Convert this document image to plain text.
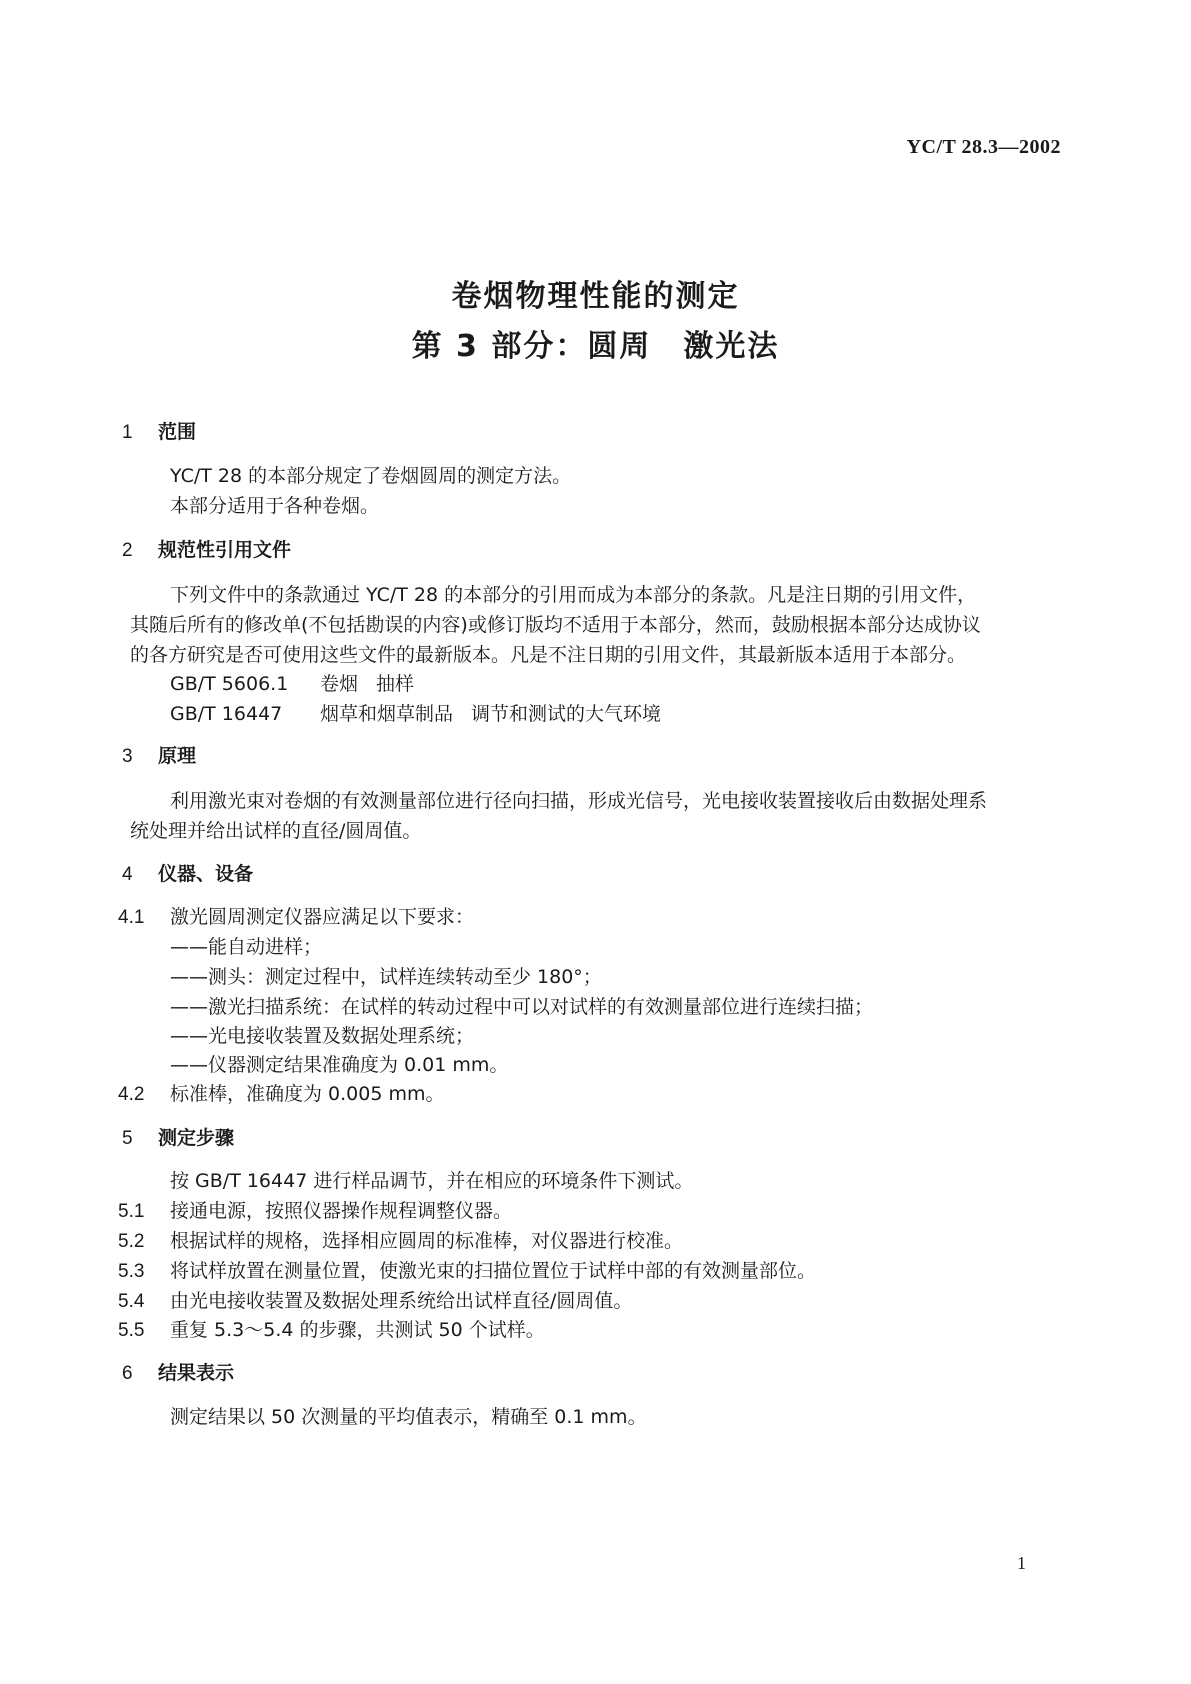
YC/T 28.3—2002
卷烟物理性能的测定
第 3 部分：圆周　激光法
1 范围
YC/T 28 的本部分规定了卷烟圆周的测定方法。
本部分适用于各种卷烟。
2 规范性引用文件
下列文件中的条款通过 YC/T 28 的本部分的引用而成为本部分的条款。凡是注日期的引用文件，
其随后所有的修改单(不包括勘误的内容)或修订版均不适用于本部分，然而，鼓励根据本部分达成协议
的各方研究是否可使用这些文件的最新版本。凡是不注日期的引用文件，其最新版本适用于本部分。
GB/T 5606.1 卷烟 抽样
GB/T 16447 烟草和烟草制品 调节和测试的大气环境
3 原理
利用激光束对卷烟的有效测量部位进行径向扫描，形成光信号，光电接收装置接收后由数据处理系
统处理并给出试样的直径/圆周值。
4 仪器、设备
4.1 激光圆周测定仪器应满足以下要求：
——能自动进样；
——测头：测定过程中，试样连续转动至少 180°；
——激光扫描系统：在试样的转动过程中可以对试样的有效测量部位进行连续扫描；
——光电接收装置及数据处理系统；
——仪器测定结果准确度为 0.01 mm。
4.2 标准棒，准确度为 0.005 mm。
5 测定步骤
按 GB/T 16447 进行样品调节，并在相应的环境条件下测试。
5.1 接通电源，按照仪器操作规程调整仪器。
5.2 根据试样的规格，选择相应圆周的标准棒，对仪器进行校准。
5.3 将试样放置在测量位置，使激光束的扫描位置位于试样中部的有效测量部位。
5.4 由光电接收装置及数据处理系统给出试样直径/圆周值。
5.5 重复 5.3～5.4 的步骤，共测试 50 个试样。
6 结果表示
测定结果以 50 次测量的平均值表示，精确至 0.1 mm。
1
